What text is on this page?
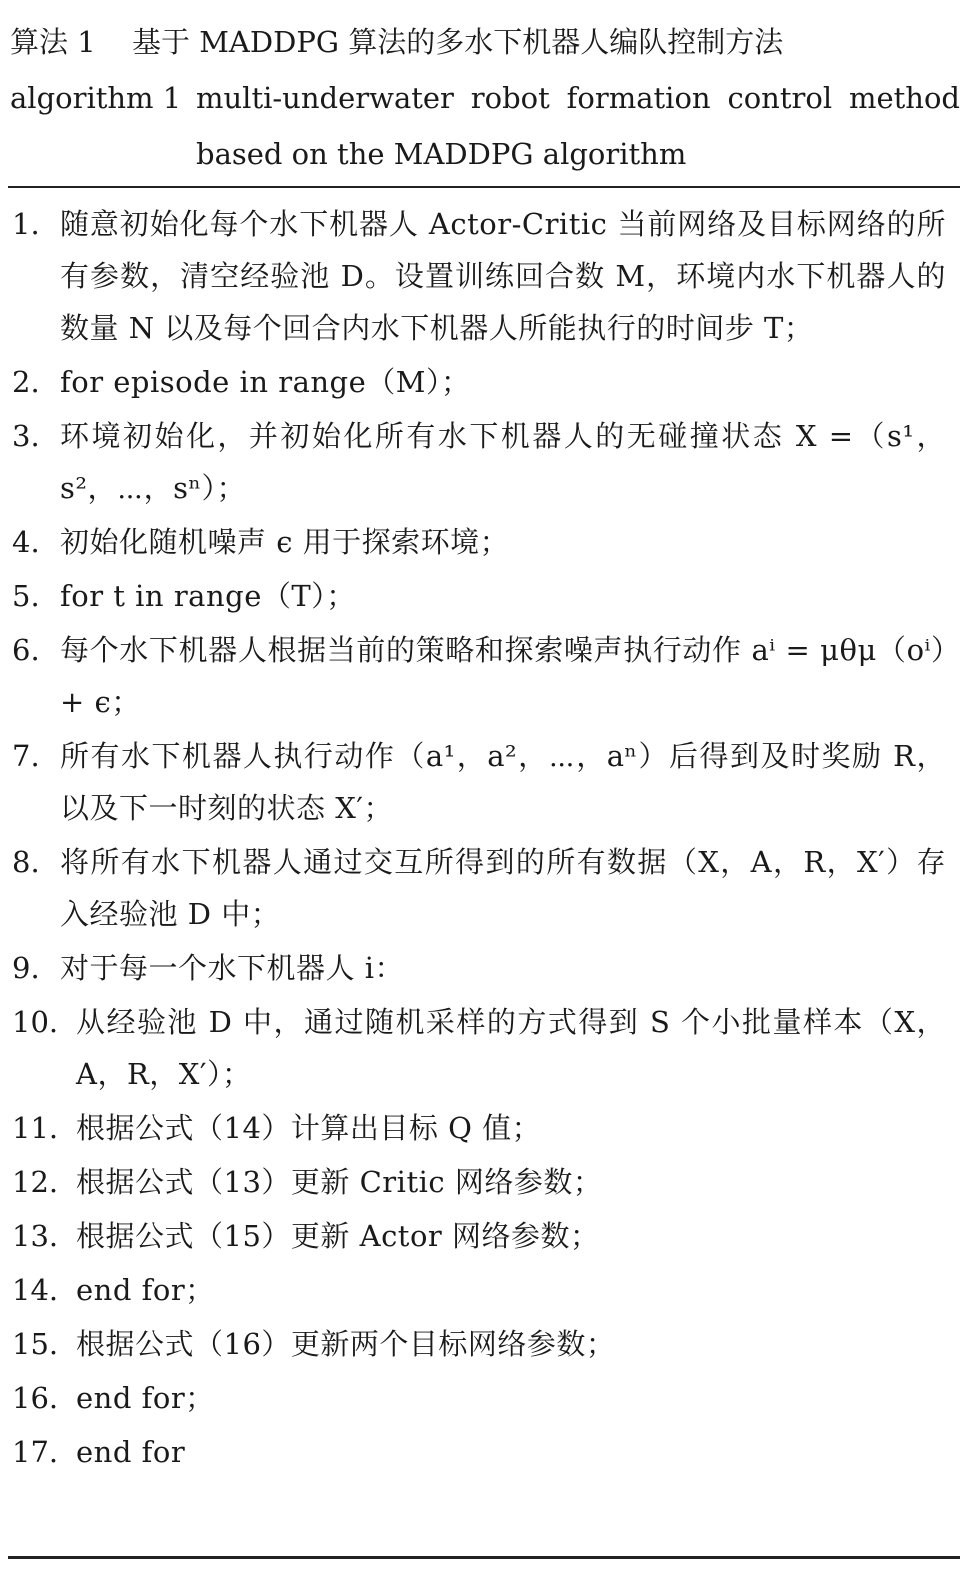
算法 1	基于 MADDPG 算法的多水下机器人编队控制方法
algorithm 1 multi-underwater robot formation control method based on the MADDPG algorithm
1. 随意初始化每个水下机器人 Actor-Critic 当前网络及目标网络的所有参数，清空经验池 D。设置训练回合数 M，环境内水下机器人的数量 N 以及每个回合内水下机器人所能执行的时间步 T；
2. for episode in range（M）；
3. 环境初始化，并初始化所有水下机器人的无碰撞状态 X =（s¹，s²，⋯，sⁿ）；
4. 初始化随机噪声 ϵ 用于探索环境；
5. for t in range（T）；
6. 每个水下机器人根据当前的策略和探索噪声执行动作 aⁱ = μθμ（oⁱ）+ ϵ；
7. 所有水下机器人执行动作（a¹，a²，⋯，aⁿ）后得到及时奖励 R，以及下一时刻的状态 X′；
8. 将所有水下机器人通过交互所得到的所有数据（X，A，R，X′）存入经验池 D 中；
9. 对于每一个水下机器人 i：
10. 从经验池 D 中，通过随机采样的方式得到 S 个小批量样本（X，A，R，X′）；
11. 根据公式（14）计算出目标 Q 值；
12. 根据公式（13）更新 Critic 网络参数；
13. 根据公式（15）更新 Actor 网络参数；
14. end for；
15. 根据公式（16）更新两个目标网络参数；
16. end for；
17. end for
